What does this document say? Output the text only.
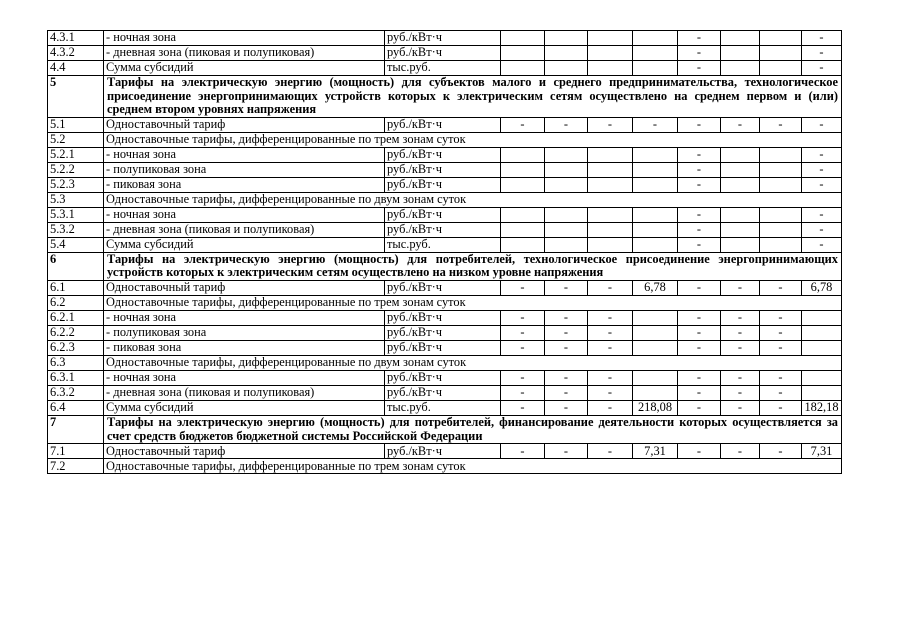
4.3.1	- ночная зона	руб./кВт·ч					-			-
4.3.2	- дневная зона (пиковая и полупиковая)	руб./кВт·ч					-			-
4.4	Сумма субсидий	тыс.руб.					-			-
5	Тарифы на электрическую энергию (мощность) для субъектов малого и среднего предпринимательства, технологическое присоединение энергопринимающих устройств которых к электрическим сетям осуществлено на среднем первом и (или) среднем втором уровнях напряжения									
5.1	Одноставочный тариф	руб./кВт·ч	-	-	-	-	-	-	-	-
5.2	Одноставочные тарифы, дифференцированные по трем зонам суток									
5.2.1	- ночная зона	руб./кВт·ч					-			-
5.2.2	- полупиковая зона	руб./кВт·ч					-			-
5.2.3	- пиковая зона	руб./кВт·ч					-			-
5.3	Одноставочные тарифы, дифференцированные по двум зонам суток									
5.3.1	- ночная зона	руб./кВт·ч					-			-
5.3.2	- дневная зона (пиковая и полупиковая)	руб./кВт·ч					-			-
5.4	Сумма субсидий	тыс.руб.					-			-
6	Тарифы на электрическую энергию (мощность) для потребителей, технологическое присоединение энергопринимающих устройств которых к электрическим сетям осуществлено на низком уровне напряжения									
6.1	Одноставочный тариф	руб./кВт·ч	-	-	-	6,78	-	-	-	6,78
6.2	Одноставочные тарифы, дифференцированные по трем зонам суток									
6.2.1	- ночная зона	руб./кВт·ч	-	-	-		-	-	-	
6.2.2	- полупиковая зона	руб./кВт·ч	-	-	-		-	-	-	
6.2.3	- пиковая зона	руб./кВт·ч	-	-	-		-	-	-	
6.3	Одноставочные тарифы, дифференцированные по двум зонам суток									
6.3.1	- ночная зона	руб./кВт·ч	-	-	-		-	-	-	
6.3.2	- дневная зона (пиковая и полупиковая)	руб./кВт·ч	-	-	-		-	-	-	
6.4	Сумма субсидий	тыс.руб.	-	-	-	218,08	-	-	-	182,18
7	Тарифы на электрическую энергию (мощность) для потребителей, финансирование деятельности которых осуществляется за счет средств бюджетов бюджетной системы Российской Федерации									
7.1	Одноставочный тариф	руб./кВт·ч	-	-	-	7,31	-	-	-	7,31
7.2	Одноставочные тарифы, дифференцированные по трем зонам суток									
